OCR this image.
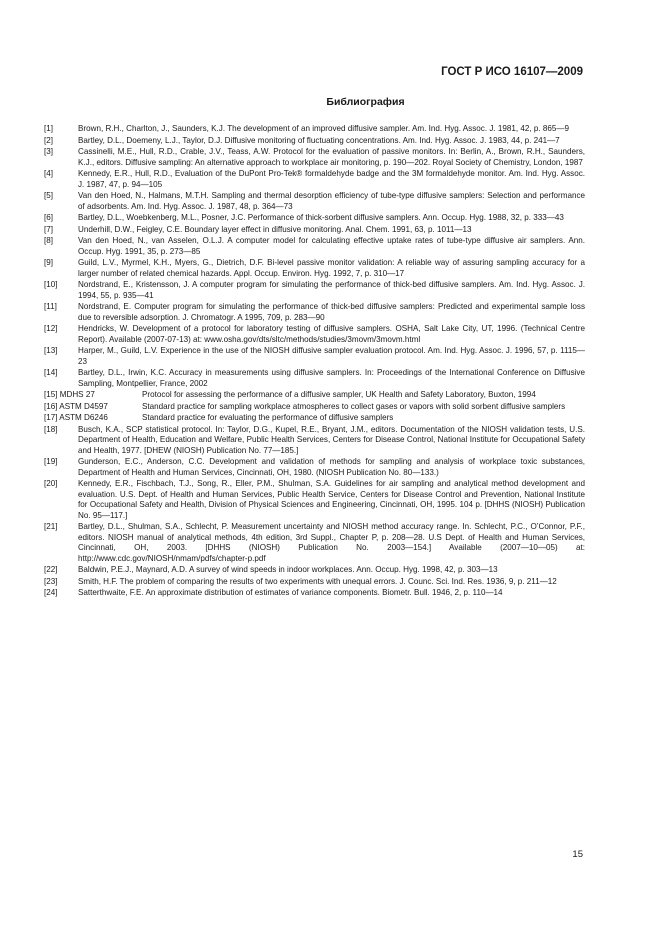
ГОСТ Р ИСО 16107—2009
Библиография
[1]	Brown, R.H., Charlton, J., Saunders, K.J. The development of an improved diffusive sampler. Am. Ind. Hyg. Assoc. J. 1981, 42, p. 865—9
[2]	Bartley, D.L., Doemeny, L.J., Taylor, D.J. Diffusive monitoring of fluctuating concentrations. Am. Ind. Hyg. Assoc. J. 1983, 44, p. 241—7
[3]	Cassinelli, M.E., Hull, R.D., Crable, J.V., Teass, A.W. Protocol for the evaluation of passive monitors. In: Berlin, A., Brown, R.H., Saunders, K.J., editors. Diffusive sampling: An alternative approach to workplace air monitoring, p. 190—202. Royal Society of Chemistry, London, 1987
[4]	Kennedy, E.R., Hull, R.D., Evaluation of the DuPont Pro-Tek® formaldehyde badge and the 3M formaldehyde monitor. Am. Ind. Hyg. Assoc. J. 1987, 47, p. 94—105
[5]	Van den Hoed, N., Halmans, M.T.H. Sampling and thermal desorption efficiency of tube-type diffusive samplers: Selection and performance of adsorbents. Am. Ind. Hyg. Assoc. J. 1987, 48, p. 364—73
[6]	Bartley, D.L., Woebkenberg, M.L., Posner, J.C. Performance of thick-sorbent diffusive samplers. Ann. Occup. Hyg. 1988, 32, p. 333—43
[7]	Underhill, D.W., Feigley, C.E. Boundary layer effect in diffusive monitoring. Anal. Chem. 1991, 63, p. 1011—13
[8]	Van den Hoed, N., van Asselen, O.L.J. A computer model for calculating effective uptake rates of tube-type diffusive air samplers. Ann. Occup. Hyg. 1991, 35, p. 273—85
[9]	Guild, L.V., Myrmel, K.H., Myers, G., Dietrich, D.F. Bi-level passive monitor validation: A reliable way of assuring sampling accuracy for a larger number of related chemical hazards. Appl. Occup. Environ. Hyg. 1992, 7, p. 310—17
[10]	Nordstrand, E., Kristensson, J. A computer program for simulating the performance of thick-bed diffusive samplers. Am. Ind. Hyg. Assoc. J. 1994, 55, p. 935—41
[11]	Nordstrand, E. Computer program for simulating the performance of thick-bed diffusive samplers: Predicted and experimental sample loss due to reversible adsorption. J. Chromatogr. A 1995, 709, p. 283—90
[12]	Hendricks, W. Development of a protocol for laboratory testing of diffusive samplers. OSHA, Salt Lake City, UT, 1996. (Technical Centre Report). Available (2007-07-13) at: www.osha.gov/dts/sltc/methods/studies/3movm/3movm.html
[13]	Harper, M., Guild, L.V. Experience in the use of the NIOSH diffusive sampler evaluation protocol. Am. Ind. Hyg. Assoc. J. 1996, 57, p. 1115—23
[14]	Bartley, D.L., Irwin, K.C. Accuracy in measurements using diffusive samplers. In: Proceedings of the International Conference on Diffusive Sampling, Montpellier, France, 2002
[15] MDHS 27	Protocol for assessing the performance of a diffusive sampler, UK Health and Safety Laboratory, Buxton, 1994
[16] ASTM D4597	Standard practice for sampling workplace atmospheres to collect gases or vapors with solid sorbent diffusive samplers
[17] ASTM D6246	Standard practice for evaluating the performance of diffusive samplers
[18]	Busch, K.A., SCP statistical protocol. In: Taylor, D.G., Kupel, R.E., Bryant, J.M., editors. Documentation of the NIOSH validation tests, U.S. Department of Health, Education and Welfare, Public Health Services, Centers for Disease Control, National Institute for Occupational Safety and Health, 1977. [DHEW (NIOSH) Publication No. 77—185.]
[19]	Gunderson, E.C., Anderson, C.C. Development and validation of methods for sampling and analysis of workplace toxic substances, Department of Health and Human Services, Cincinnati, OH, 1980. (NIOSH Publication No. 80—133.)
[20]	Kennedy, E.R., Fischbach, T.J., Song, R., Eller, P.M., Shulman, S.A. Guidelines for air sampling and analytical method development and evaluation. U.S. Dept. of Health and Human Services, Public Health Service, Centers for Disease Control and Prevention, National Institute for Occupational Safety and Health, Division of Physical Sciences and Engineering, Cincinnati, OH, 1995. 104 p. [DHHS (NIOSH) Publication No. 95—117.]
[21]	Bartley, D.L., Shulman, S.A., Schlecht, P. Measurement uncertainty and NIOSH method accuracy range. In. Schlecht, P.C., O’Connor, P.F., editors. NIOSH manual of analytical methods, 4th edition, 3rd Suppl., Chapter P, p. 208—28. U.S Dept. of Health and Human Services, Cincinnati, OH, 2003. [DHHS (NIOSH) Publication No. 2003—154.] Available (2007—10—05) at: http://www.cdc.gov/NIOSH/nmam/pdfs/chapter-p.pdf
[22]	Baldwin, P.E.J., Maynard, A.D. A survey of wind speeds in indoor workplaces. Ann. Occup. Hyg. 1998, 42, p. 303—13
[23]	Smith, H.F. The problem of comparing the results of two experiments with unequal errors. J. Counc. Sci. Ind. Res. 1936, 9, p. 211—12
[24]	Satterthwaite, F.E. An approximate distribution of estimates of variance components. Biometr. Bull. 1946, 2, p. 110—14
15
